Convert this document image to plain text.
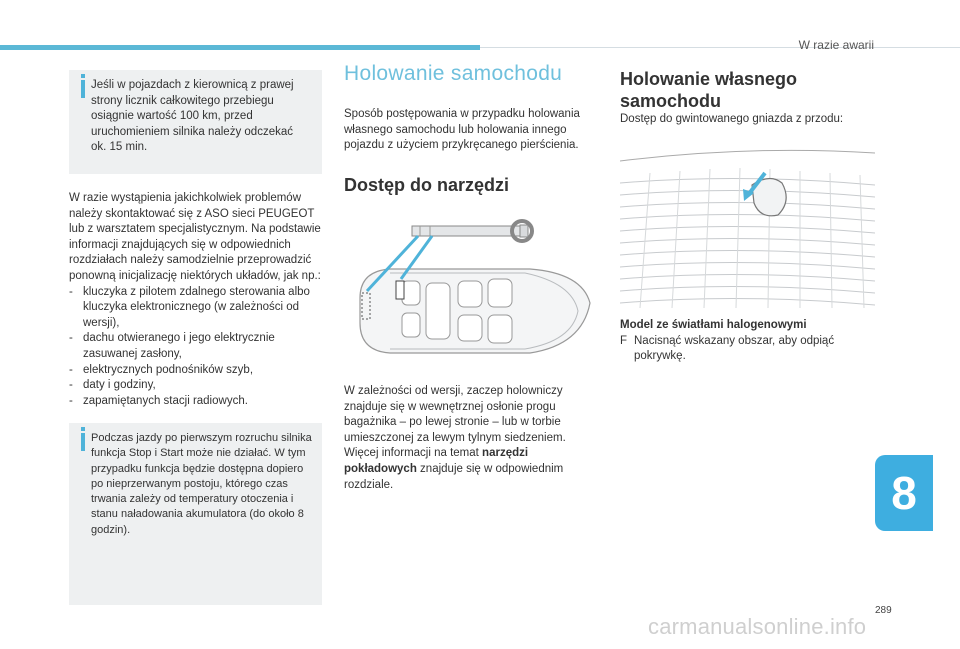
W razie awarii

Jeśli w pojazdach z kierownicą z prawej strony licznik całkowitego przebiegu osiągnie wartość 100 km, przed uruchomieniem silnika należy odczekać ok. 15 min.

W razie wystąpienia jakichkolwiek problemów należy skontaktować się z ASO sieci PEUGEOT lub z warsztatem specjalistycznym. Na podstawie informacji znajdujących się w odpowiednich rozdziałach należy samodzielnie przeprowadzić ponowną inicjalizację niektórych układów, jak np.:

- kluczyka z pilotem zdalnego sterowania albo kluczyka elektronicznego (w zależności od wersji),
- dachu otwieranego i jego elektrycznie zasuwanej zasłony,
- elektrycznych podnośników szyb,
- daty i godziny,
- zapamiętanych stacji radiowych.

Podczas jazdy po pierwszym rozruchu silnika funkcja Stop i Start może nie działać. W tym przypadku funkcja będzie dostępna dopiero po nieprzerwanym postoju, którego czas trwania zależy od temperatury otoczenia i stanu naładowania akumulatora (do około 8 godzin).

Holowanie samochodu

Sposób postępowania w przypadku holowania własnego samochodu lub holowania innego pojazdu z użyciem przykręcanego pierścienia.

Dostęp do narzędzi

W zależności od wersji, zaczep holowniczy znajduje się w wewnętrznej osłonie progu bagażnika – po lewej stronie – lub w torbie umieszczonej za lewym tylnym siedzeniem. Więcej informacji na temat narzędzi pokładowych znajduje się w odpowiednim rozdziale.

Holowanie własnego samochodu

Dostęp do gwintowanego gniazda z przodu:

Model ze światłami halogenowymi

F Nacisnąć wskazany obszar, aby odpiąć pokrywkę.
8
289
carmanualsonline.info
